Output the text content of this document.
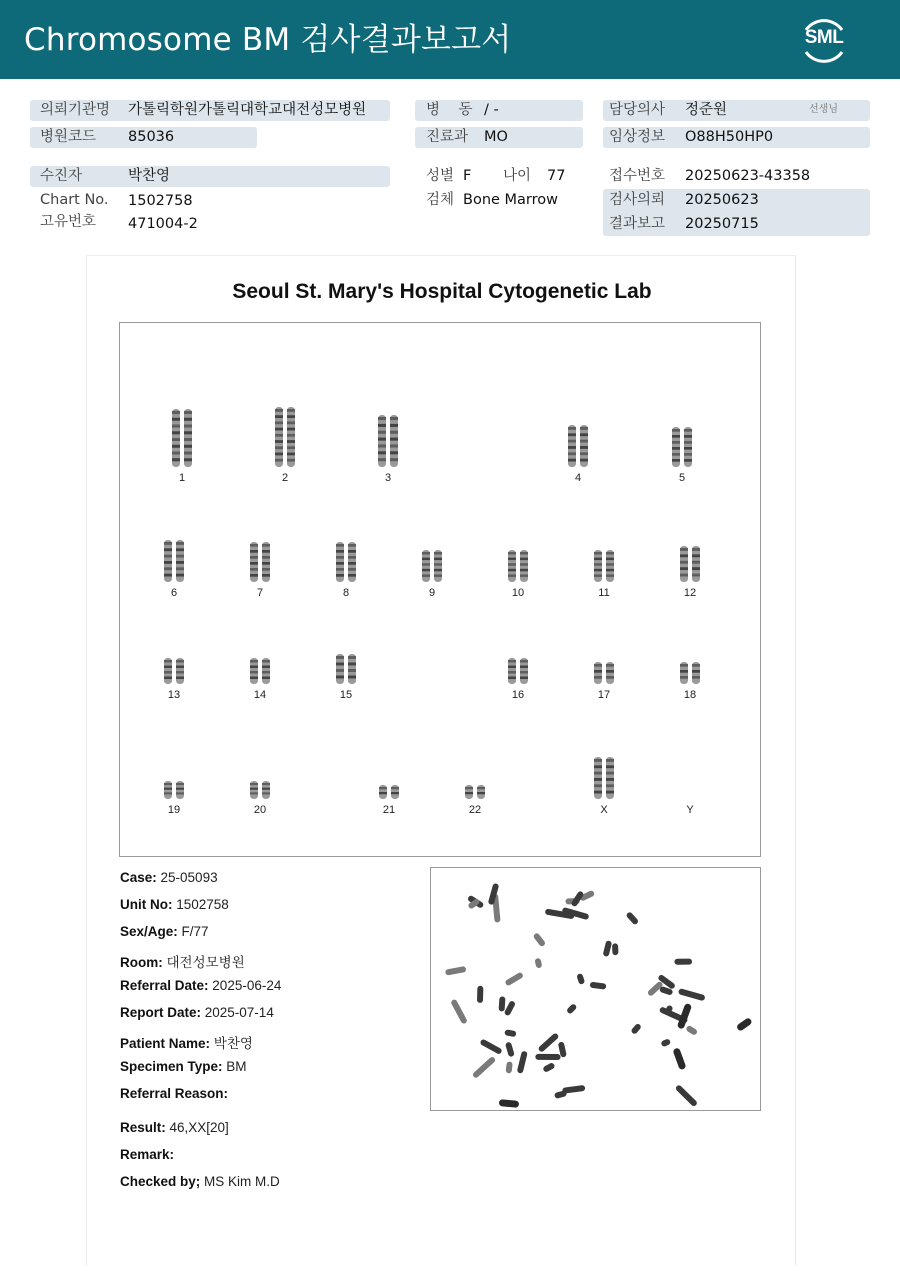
Chromosome BM 검사결과보고서	SML
의뢰기관명 가톨릭학원가톨릭대학교대전성모병원
병원코드 85036
병    동 / -
진료과 MO
담당의사 정준원	선생님
임상정보 O88H50HP0
수진자	박찬영
Chart No. 1502758
고유번호 471004-2
성별 F 나이 77
검체 Bone Marrow
접수번호 20250623-43358
검사의뢰 20250623
결과보고 20250715
Seoul St. Mary's Hospital Cytogenetic Lab
1	2	3	4	5
6	7	8	9	10	11	12
13	14	15	16	17	18
19	20	21	22	X	Y
Case: 25-05093
Unit No: 1502758
Sex/Age: F/77
Room: 대전성모병원
Referral Date: 2025-06-24
Report Date: 2025-07-14
Patient Name: 박찬영
Specimen Type: BM
Referral Reason:
Result: 46,XX[20]
Remark:
Checked by; MS Kim M.D
